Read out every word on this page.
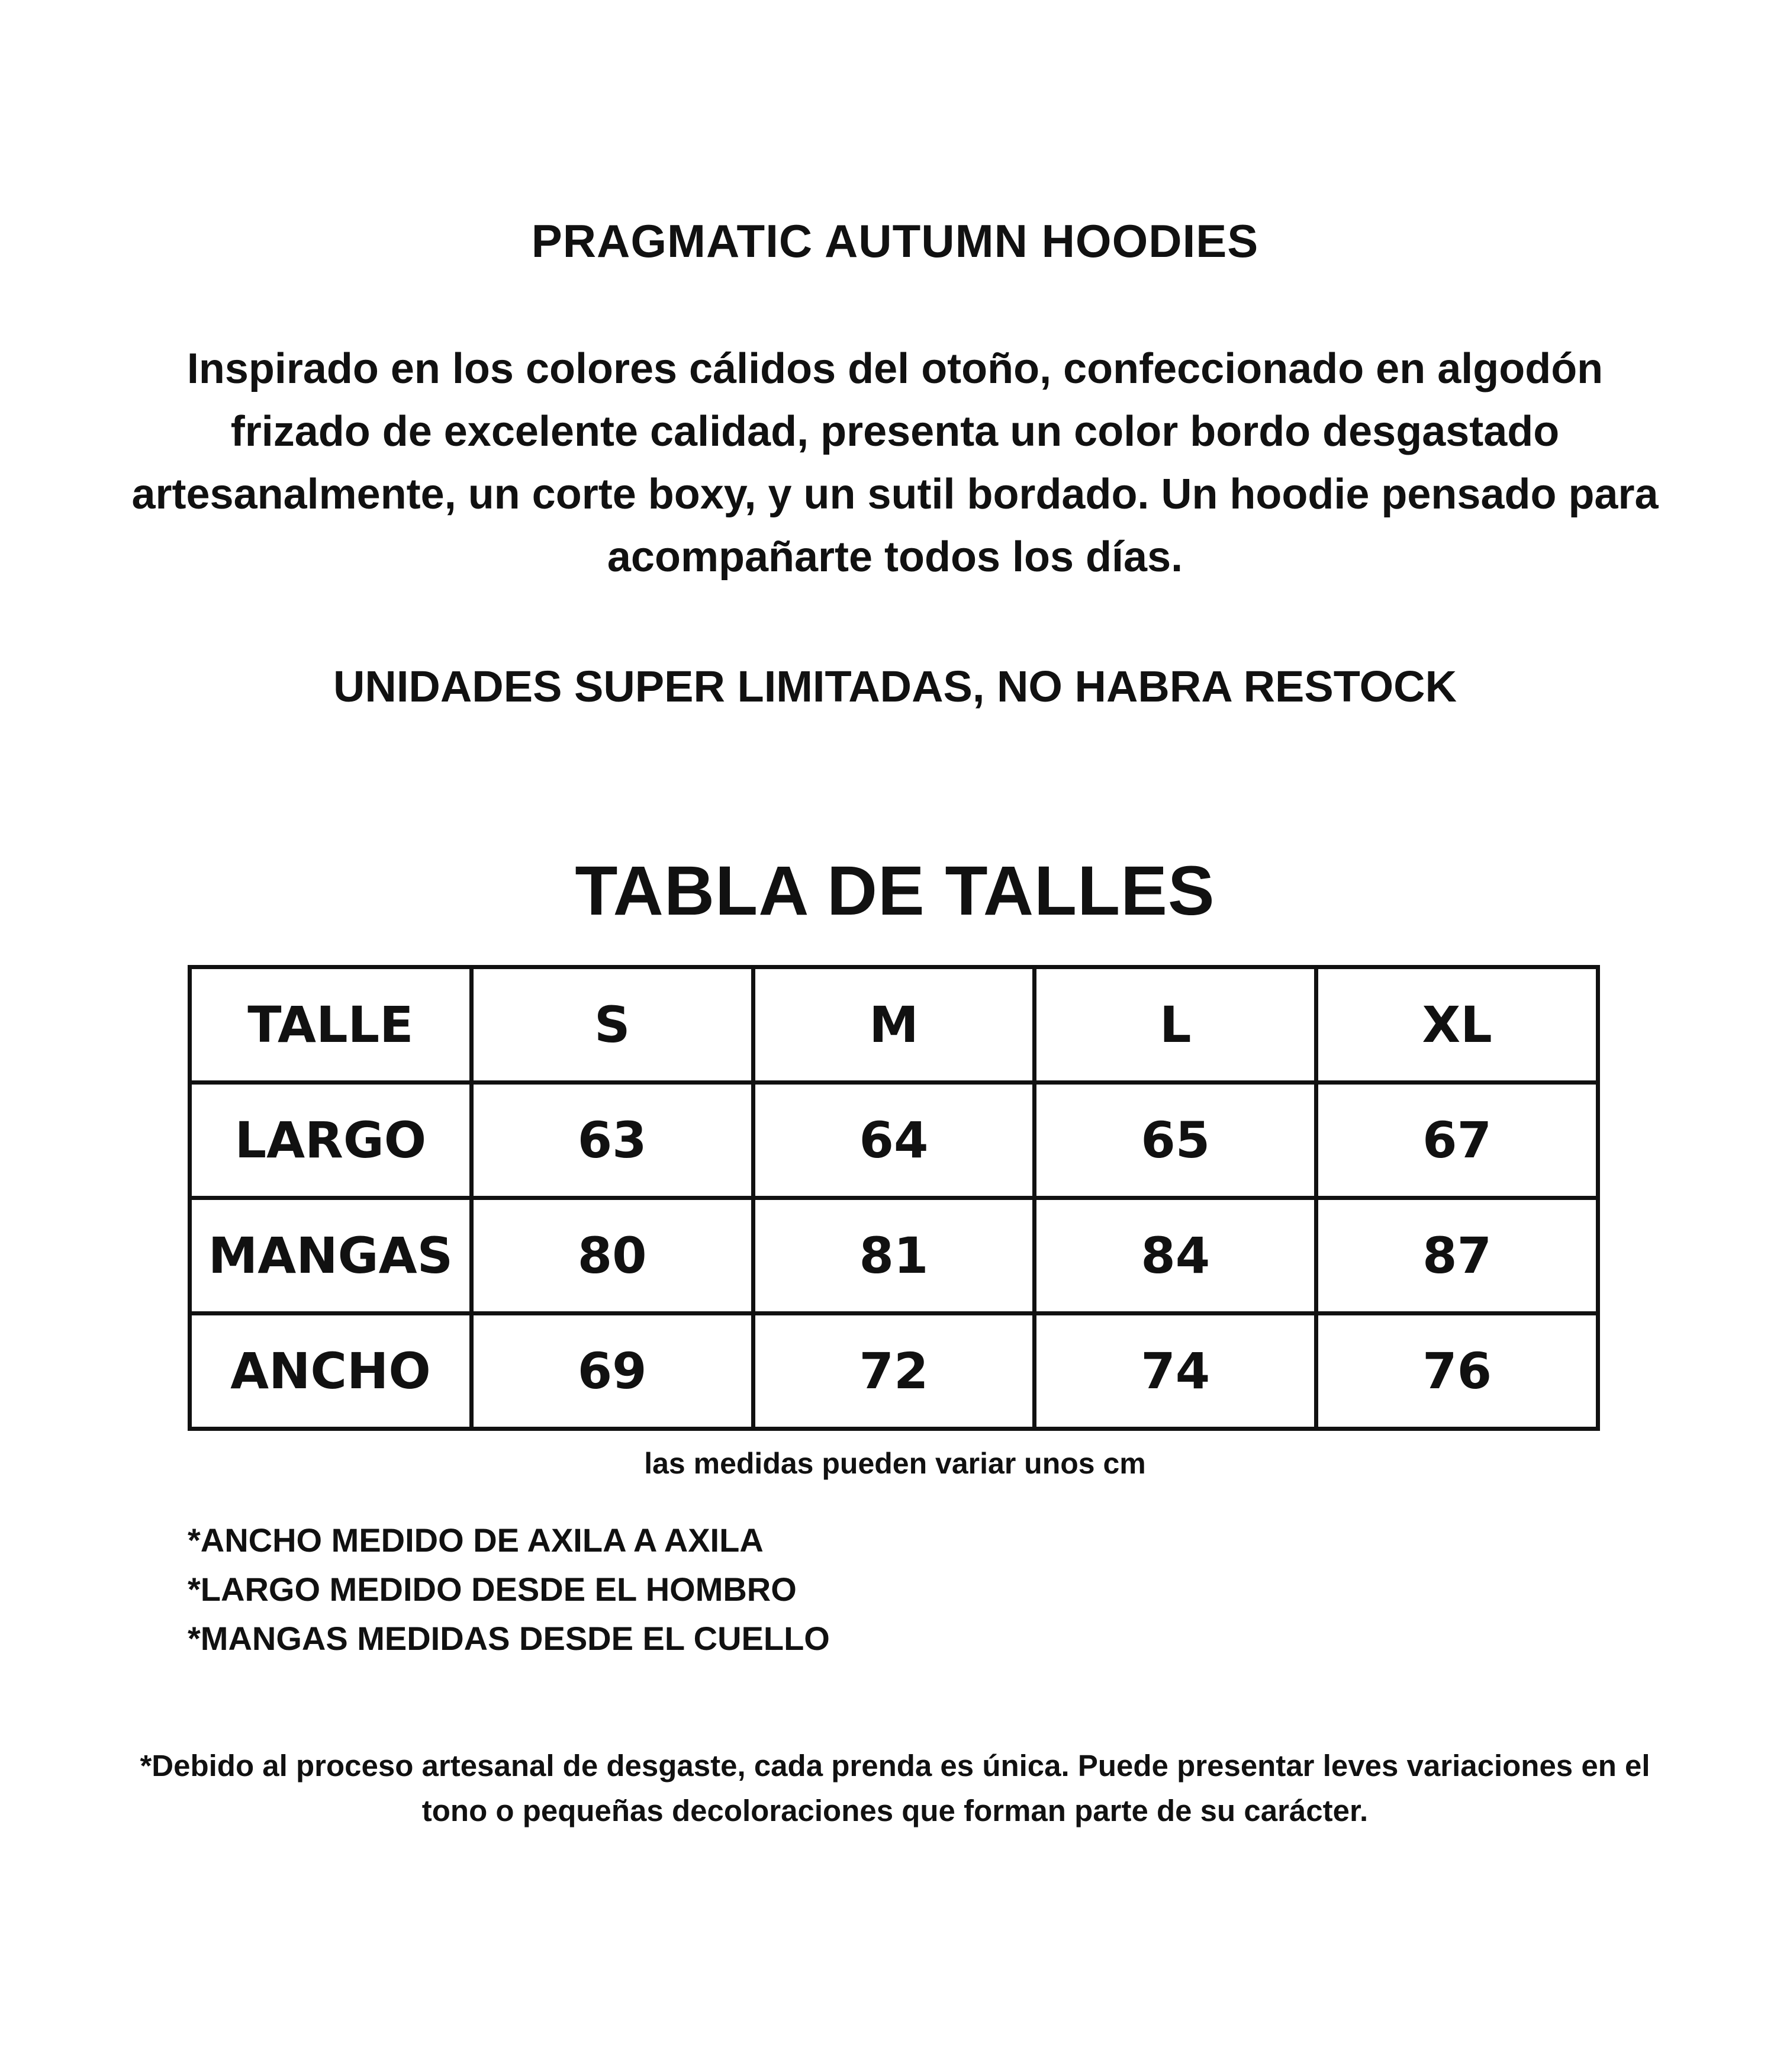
PRAGMATIC AUTUMN HOODIES
Inspirado en los colores cálidos del otoño, confeccionado en algodón frizado de excelente calidad, presenta un color bordo desgastado artesanalmente, un corte boxy, y un sutil bordado. Un hoodie pensado para acompañarte todos los días.
UNIDADES SUPER LIMITADAS, NO HABRA RESTOCK
TABLA DE TALLES
TALLE	S	M	L	XL
LARGO	63	64	65	67
MANGAS	80	81	84	87
ANCHO	69	72	74	76
las medidas pueden variar unos cm
*ANCHO MEDIDO DE AXILA A AXILA
*LARGO MEDIDO DESDE EL HOMBRO
*MANGAS MEDIDAS DESDE EL CUELLO
*Debido al proceso artesanal de desgaste, cada prenda es única. Puede presentar leves variaciones en el tono o pequeñas decoloraciones que forman parte de su carácter.
